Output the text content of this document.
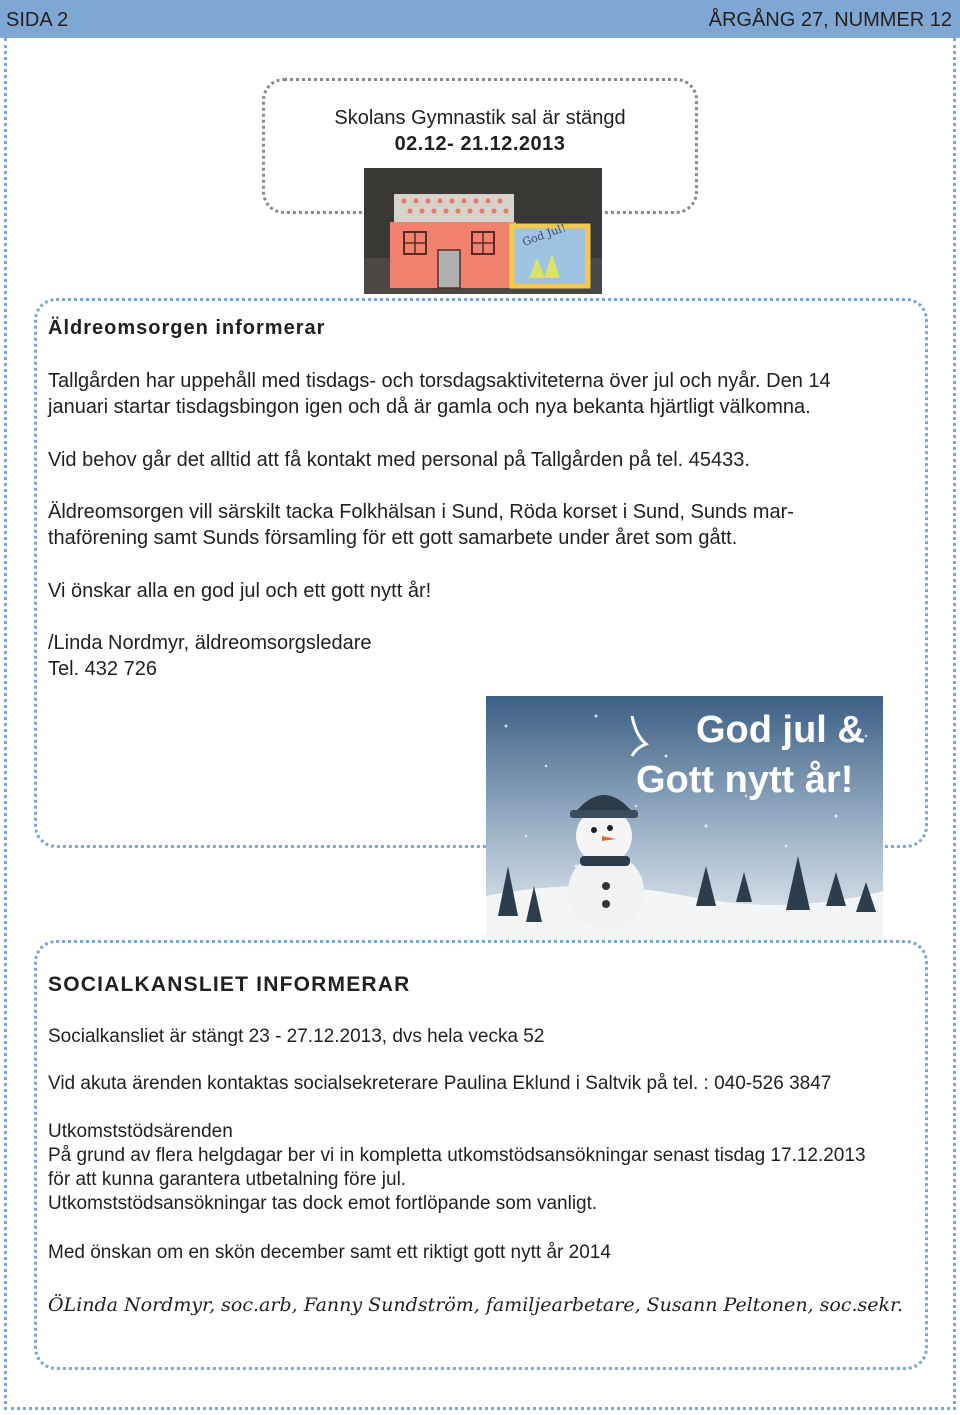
SIDA 2	ÅRGÅNG 27, NUMMER 12
Skolans Gymnastik sal är stängd
02.12- 21.12.2013
God Jul!
Äldreomsorgen informerar
Tallgården har uppehåll med tisdags- och torsdagsaktiviteterna över jul och nyår. Den 14
januari startar tisdagsbingon igen och då är gamla och nya bekanta hjärtligt välkomna.
Vid behov går det alltid att få kontakt med personal på Tallgården på tel. 45433.
Äldreomsorgen vill särskilt tacka Folkhälsan i Sund, Röda korset i Sund, Sunds mar-
thaförening samt Sunds församling för ett gott samarbete under året som gått.
Vi önskar alla en god jul och ett gott nytt år!
/Linda Nordmyr, äldreomsorgsledare
Tel. 432 726
God jul &
Gott nytt år!
SOCIALKANSLIET INFORMERAR
Socialkansliet är stängt 23 - 27.12.2013, dvs hela vecka 52
Vid akuta ärenden kontaktas socialsekreterare Paulina Eklund i Saltvik på tel. : 040-526 3847
Utkomststödsärenden
På grund av flera helgdagar ber vi in kompletta utkomstödsansökningar senast tisdag 17.12.2013
för att kunna garantera utbetalning före jul.
Utkomststödsansökningar tas dock emot fortlöpande som vanligt.
Med önskan om en skön december samt ett riktigt gott nytt år 2014
ÖLinda Nordmyr, soc.arb, Fanny Sundström, familjearbetare, Susann Peltonen, soc.sekr.
